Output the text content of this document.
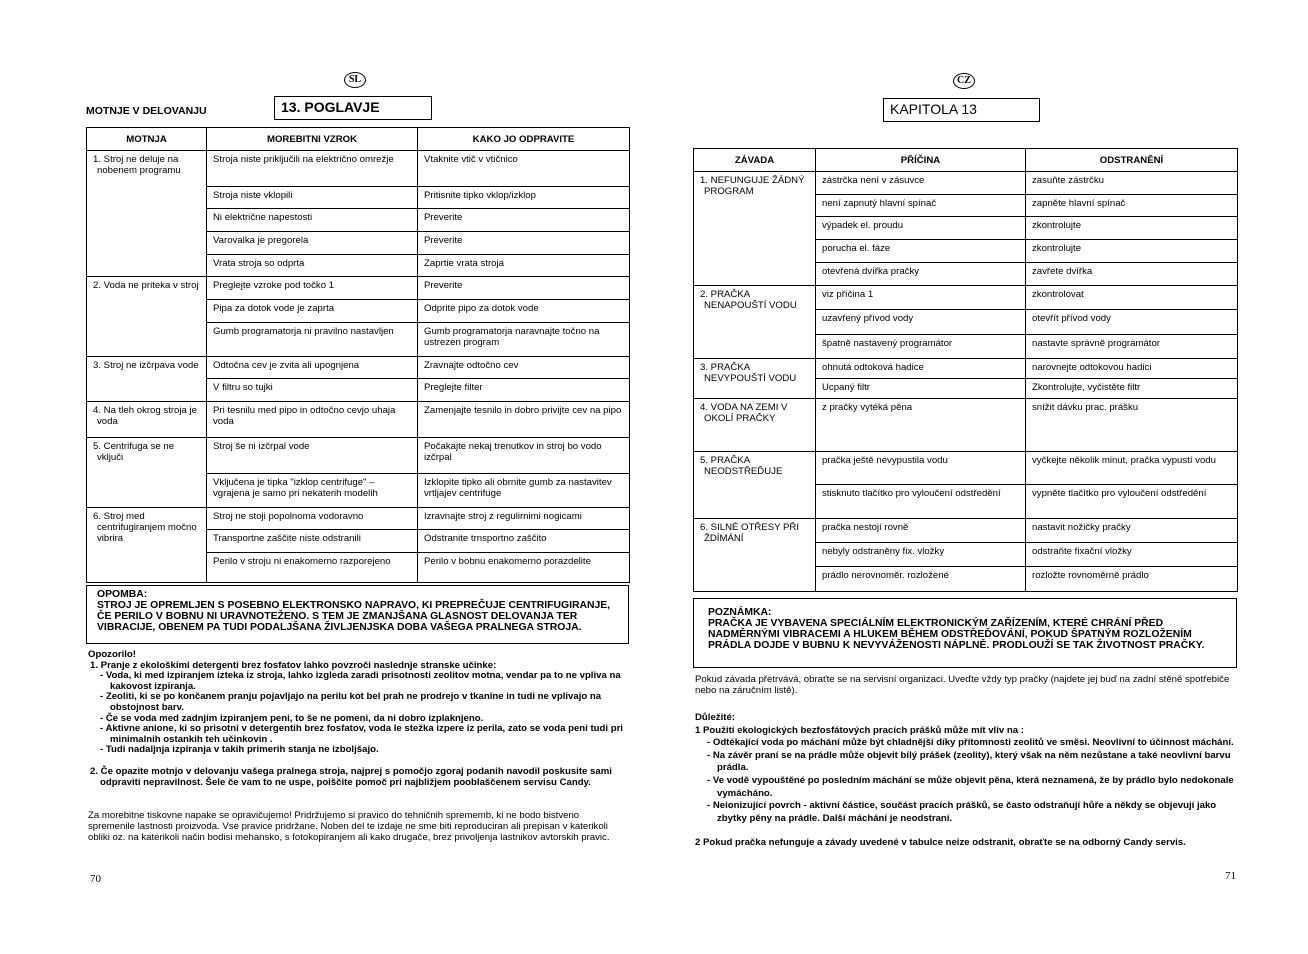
SL
MOTNJE V DELOVANJU	13. POGLAVJE
MOTNJA	MOREBITNI VZROK	KAKO JO ODPRAVITE
1. Stroj ne deluje na nobenem programu	Stroja niste priključili na električno omrežje	Vtaknite vtič v vtičnico
	Stroja niste vklopili	Pritisnite tipko vklop/izklop
	Ni električne napestosti	Preverite
	Varovalka je pregorela	Preverite
	Vrata stroja so odprta	Zaprtie vrata stroja
2. Voda ne priteka v stroj	Preglejte vzroke pod točko 1	Preverite
	Pipa za dotok vode je zaprta	Odprite pipo za dotok vode
	Gumb programatorja ni pravilno nastavljen	Gumb programatorja naravnajte točno na ustrezen program
3. Stroj ne izčrpava vode	Odtočna cev je zvita ali upognjena	Zravnajte odtočno cev
	V filtru so tujki	Preglejte filter
4. Na tleh okrog stroja je voda	Pri tesnilu med pipo in odtočno cevjo uhaja voda	Zamenjajte tesnilo in dobro privijte cev na pipo
5. Centrifuga se ne vključi	Stroj še ni izčrpal vode	Počakajte nekaj trenutkov in stroj bo vodo izčrpal
	Vključena je tipka "izklop centrifuge" – vgrajena je samo pri nekaterih modelih	Izklopite tipko ali obrnite gumb za nastavitev vrtljajev centrifuge
6. Stroj med centrifugiranjem močno vibrira	Stroj ne stoji popolnoma vodoravno	Izravnajte stroj z regulirnimi nogicami
	Transportne zaščite niste odstranili	Odstranite trnsportno zaščito
	Perilo v stroju ni enakomerno razporejeno	Perilo v bobnu enakomerno porazdelite
OPOMBA:
STROJ JE OPREMLJEN S POSEBNO ELEKTRONSKO NAPRAVO, KI PREPREČUJE CENTRIFUGIRANJE, ČE PERILO V BOBNU NI URAVNOTEŽENO. S TEM JE ZMANJŠANA GLASNOST DELOVANJA TER VIBRACIJE, OBENEM PA TUDI PODALJŠANA ŽIVLJENJSKA DOBA VAŠEGA PRALNEGA STROJA.
Opozorilo!
1. Pranje z ekološkimi detergenti brez fosfatov lahko povzroči naslednje stranske učinke:
- Voda, ki med izpiranjem izteka iz stroja, lahko izgleda zaradi prisotnosti zeolitov motna, vendar pa to ne vpliva na kakovost izpiranja.
- Zeoliti, ki se po končanem pranju pojavljajo na perilu kot bel prah ne prodrejo v tkanine in tudi ne vplivajo na obstojnost barv.
- Če se voda med zadnjim izpiranjem peni, to še ne pomeni, da ni dobro izplaknjeno.
- Aktivne anione, ki so prisotni v detergentih brez fosfatov, voda le stežka izpere iz perila, zato se voda peni tudi pri minimalnih ostankih teh učinkovin .
- Tudi nadaljnja izpiranja v takih primerih stanja ne izboljšajo.
2. Če opazite motnjo v delovanju vašega pralnega stroja, najprej s pomočjo zgoraj podanih navodil poskusite sami odpraviti nepravilnost. Šele če vam to ne uspe, poiščite pomoč pri najbližjem pooblaščenem servisu Candy.
Za morebitne tiskovne napake se opravičujemo! Pridržujemo si pravico do tehničnih sprememb, ki ne bodo bistveno spremenile lastnosti proizvoda. Vse pravice pridržane. Noben del te izdaje ne sme biti reproduciran ali prepisan v katerikoli obliki oz. na katerikoli način bodisi mehansko, s fotokopiranjem ali kako drugače, brez privoljenja lastnikov avtorskih pravic.
70
CZ
KAPITOLA 13
ZÁVADA	PŘÍČINA	ODSTRANĚNÍ
1. NEFUNGUJE ŽÁDNÝ PROGRAM	zástrčka není v zásuvce	zasuňte zástrčku
	není zapnutý hlavní spínač	zapněte hlavní spínač
	výpadek el. proudu	zkontrolujte
	porucha el. fáze	zkontrolujte
	otevřená dvířka pračky	zavřete dvířka
2. PRAČKA NENAPOUŠTÍ VODU	viz příčina 1	zkontrolovat
	uzavřený přívod vody	otevřít přívod vody
	špatně nastavený programátor	nastavte správně programátor
3. PRAČKA NEVYPOUŠTÍ VODU	ohnutá odtoková hadice	narovnejte odtokovou hadici
	Ucpaný filtr	Zkontrolujte, vyčistěte filtr
4. VODA NA ZEMI V OKOLÍ PRAČKY	z pračky vytéká pěna	snížit dávku prac. prášku
5. PRAČKA NEODSTŘEĎUJE	pračka ještě nevypustila vodu	vyčkejte několik minut, pračka vypustí vodu
	stisknuto tlačítko pro vyloučení odstředění	vypněte tlačítko pro vyloučení odstředění
6. SILNÉ OTŘESY PŘI ŽDÍMÁNÍ	pračka nestojí rovně	nastavit nožičky pračky
	nebyly odstraněny fix. vložky	odstraňte fixační vložky
	prádlo nerovnoměr. rozložené	rozložte rovnoměrně prádlo
POZNÁMKA:
PRAČKA JE VYBAVENA SPECIÁLNÍM ELEKTRONICKÝM ZAŘÍZENÍM, KTERÉ CHRÁNÍ PŘED NADMĚRNÝMI VIBRACEMI A HLUKEM BĚHEM ODSTŘEĎOVÁNÍ, POKUD ŠPATNÝM ROZLOŽENÍM PRÁDLA DOJDE V BUBNU K NEVYVÁŽENOSTI NÁPLNĚ. PRODLOUŽÍ SE TAK ŽIVOTNOST PRAČKY.
Pokud závada přetrvává, obraťte se na servisní organizaci. Uveďte vždy typ pračky (najdete jej buď na zadní stěně spotřebiče nebo na záručním listě).
Důležité:
1 Použití ekologických bezfosfátových pracích prášků může mít vliv na :
- Odtékající voda po máchání může být chladnější díky přítomnosti zeolitů ve směsi. Neovlivní to účinnost máchání.
- Na závěr praní se na prádle může objevit bílý prášek (zeolity), který však na něm nezůstane a také neovlivní barvu prádla.
- Ve vodě vypouštěné po posledním máchání se může objevit pěna, která neznamená, že by prádlo bylo nedokonale vymácháno.
- Neionizující povrch - aktivní částice, součást pracích prášků, se často odstraňují hůře a někdy se objevují jako zbytky pěny na prádle. Další máchání je neodstraní.
2 Pokud pračka nefunguje a závady uvedené v tabulce neize odstranit, obraťte se na odborný Candy servis.
71
